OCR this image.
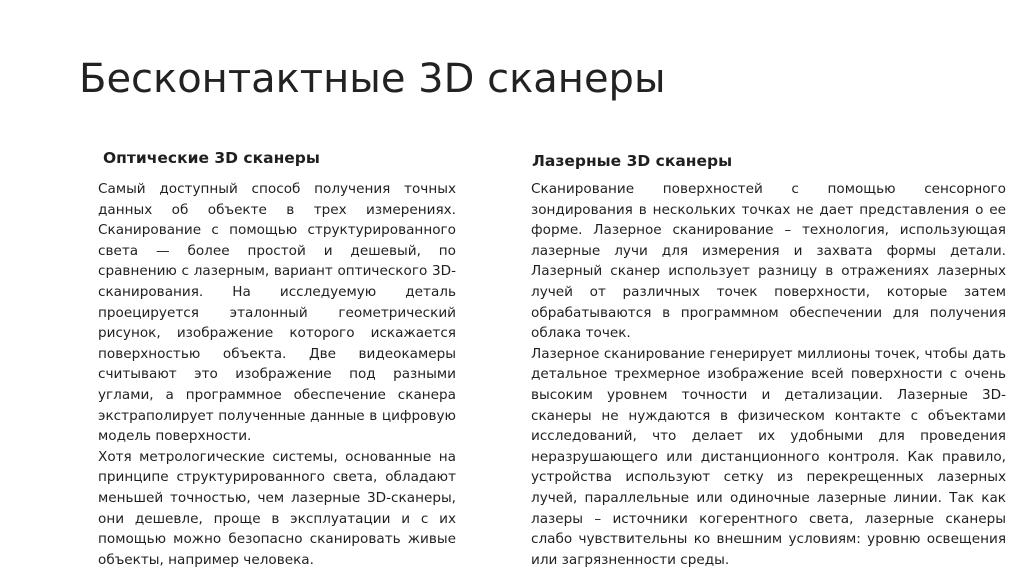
Бесконтактные 3D сканеры
Оптические 3D сканеры

Самый доступный способ получения точных данных об объекте в трех измерениях. Сканирование с помощью структурированного света — более простой и дешевый, по сравнению с лазерным, вариант оптического 3D-сканирования. На исследуемую деталь проецируется эталонный геометрический рисунок, изображение которого искажается поверхностью объекта. Две видеокамеры считывают это изображение под разными углами, а программное обеспечение сканера экстраполирует полученные данные в цифровую модель поверхности.

Хотя метрологические системы, основанные на принципе структурированного света, обладают меньшей точностью, чем лазерные 3D-сканеры, они дешевле, проще в эксплуатации и с их помощью можно безопасно сканировать живые объекты, например человека.

Лазерные 3D сканеры

Сканирование поверхностей с помощью сенсорного зондирования в нескольких точках не дает представления о ее форме. Лазерное сканирование – технология, использующая лазерные лучи для измерения и захвата формы детали. Лазерный сканер использует разницу в отражениях лазерных лучей от различных точек поверхности, которые затем обрабатываются в программном обеспечении для получения облака точек.

Лазерное сканирование генерирует миллионы точек, чтобы дать детальное трехмерное изображение всей поверхности с очень высоким уровнем точности и детализации. Лазерные 3D-сканеры не нуждаются в физическом контакте с объектами исследований, что делает их удобными для проведения неразрушающего или дистанционного контроля. Как правило, устройства используют сетку из перекрещенных лазерных лучей, параллельные или одиночные лазерные линии. Так как лазеры – источники когерентного света, лазерные сканеры слабо чувствительны ко внешним условиям: уровню освещения или загрязненности среды.
